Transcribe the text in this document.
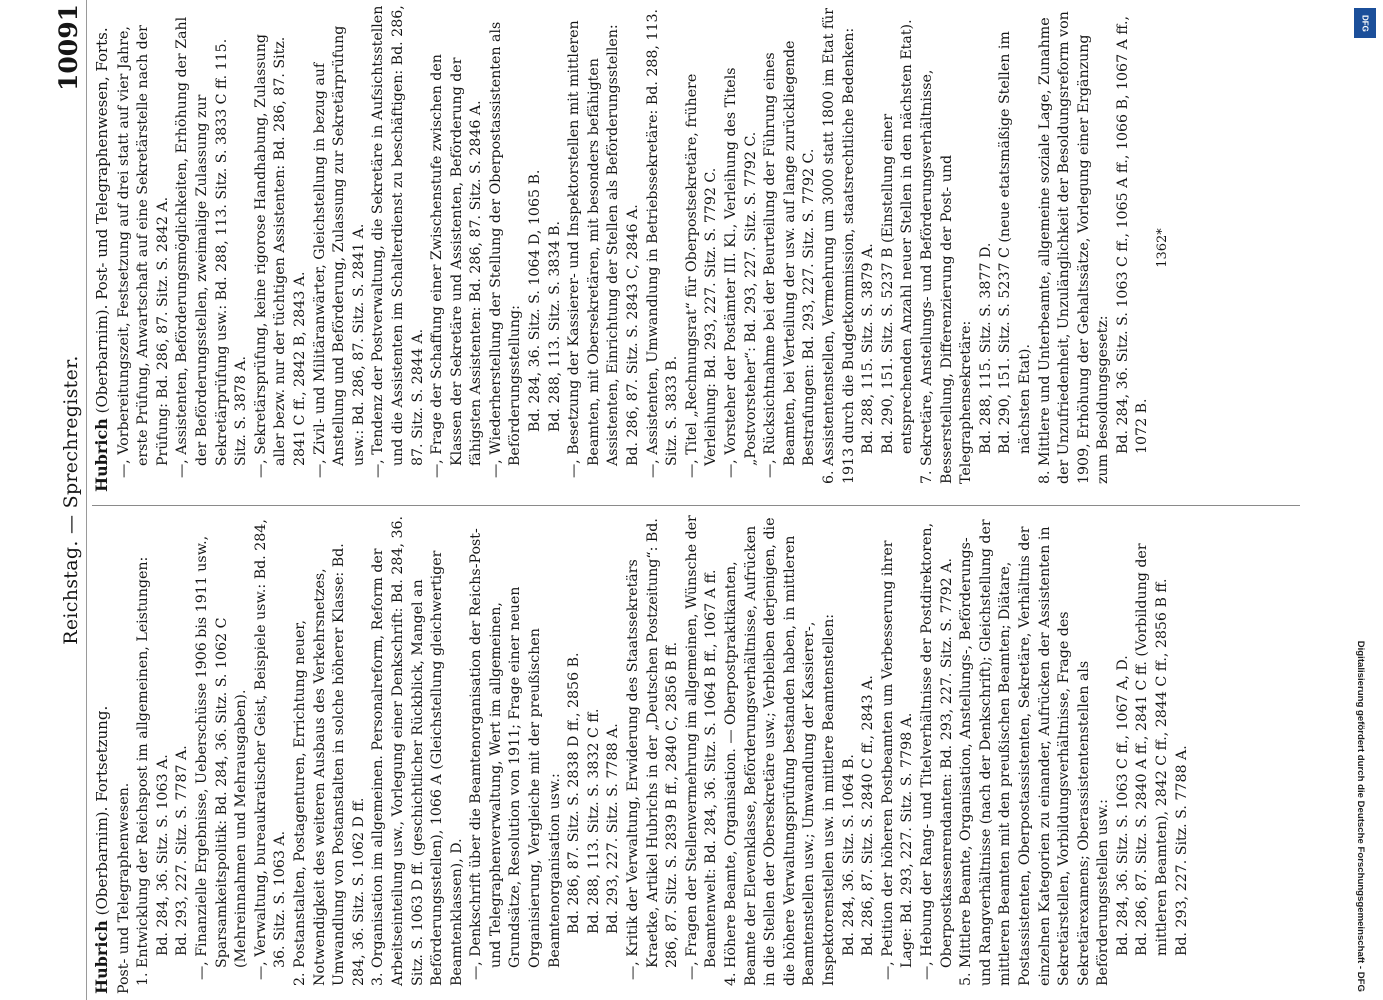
Reichstag. — Sprechregister.
10091
Hubrich (Oberbarnim). Fortsetzung. Post- und Telegraphenwesen. 1. Entwicklung der Reichspost im allgemeinen, Leistungen: Bd. 284, 36. Sitz. S. 1063 A. Bd. 293, 227. Sitz. S. 7787 A. —, Finanzielle Ergebnisse, Ueberschüsse 1906 bis 1911 usw., Sparsamkeitspolitik: Bd. 284, 36. Sitz. S. 1062 C (Mehreinnahmen und Mehrausgaben). —, Verwaltung, bureaukratischer Geist, Beispiele usw.: Bd. 284, 36. Sitz. S. 1063 A. 2. Postanstalten, Postagenturen, Errichtung neuer, Notwendigkeit des weiteren Ausbaus des Verkehrsnetzes, Umwandlung von Postanstalten in solche höherer Klasse: Bd. 284, 36. Sitz. S. 1062 D ff. 3. Organisation im allgemeinen. Personalreform, Reform der Arbeitseinteilung usw., Vorlegung einer Denkschrift: Bd. 284, 36. Sitz. S. 1063 D ff. (geschichtlicher Rückblick, Mangel an Beförderungsstellen), 1066 A (Gleichstellung gleichwertiger Beamtenklassen), D. —, Denkschrift über die Beamtenorganisation der Reichs-Post- und Telegraphenverwaltung, Wert im allgemeinen, Grundsätze, Resolution von 1911; Frage einer neuen Organisierung, Vergleiche mit der preußischen Beamtenorganisation usw.: Bd. 286, 87. Sitz. S. 2838 D ff., 2856 B. Bd. 288, 113. Sitz. S. 3832 C ff. Bd. 293, 227. Sitz. S. 7788 A. —, Kritik der Verwaltung, Erwiderung des Staatssekretärs Kraetke, Artikel Hubrichs in der „Deutschen Postzeitung“: Bd. 286, 87. Sitz. S. 2839 B ff., 2840 C, 2856 B ff. —, Fragen der Stellenvermehrung im allgemeinen, Wünsche der Beamtenwelt: Bd. 284, 36. Sitz. S. 1064 B ff., 1067 A ff. 4. Höhere Beamte, Organisation. — Oberpostpraktikanten, Beamte der Elevenklasse, Beförderungsverhältnisse, Aufrücken in die Stellen der Obersekretäre usw.; Verbleiben derjenigen, die die höhere Verwaltungsprüfung bestanden haben, in mittleren Beamtenstellen usw.; Umwandlung der Kassierer-, Inspektorenstellen usw. in mittlere Beamtenstellen: Bd. 284, 36. Sitz. S. 1064 B. Bd. 286, 87. Sitz. S. 2840 C ff., 2843 A. —, Petition der höheren Postbeamten um Verbesserung ihrer Lage: Bd. 293, 227. Sitz. S. 7798 A. —, Hebung der Rang- und Titelverhältnisse der Postdirektoren, Oberpostkassenrendanten: Bd. 293, 227. Sitz. S. 7792 A. 5. Mittlere Beamte, Organisation, Anstellungs-, Beförderungs- und Rangverhältnisse (nach der Denkschrift); Gleichstellung der mittleren Beamten mit den preußischen Beamten; Diätare, Postassistenten, Oberpostassistenten, Sekretäre, Verhältnis der einzelnen Kategorien zu einander, Aufrücken der Assistenten in Sekretärstellen, Vorbildungsverhältnisse, Frage des Sekretärexamens; Oberassistentenstellen als Beförderungsstellen usw.: Bd. 284, 36. Sitz. S. 1063 C ff., 1067 A, D. Bd. 286, 87. Sitz. S. 2840 A ff., 2841 C ff. (Vorbildung der mittleren Beamten), 2842 C ff., 2844 C ff., 2856 B ff. Bd. 293, 227. Sitz. S. 7788 A.
Hubrich (Oberbarnim). Post- und Telegraphenwesen, Forts. —, Vorbereitungszeit, Festsetzung auf drei statt auf vier Jahre, erste Prüfung, Anwartschaft auf eine Sekretärstelle nach der Prüfung: Bd. 286, 87. Sitz. S. 2842 A. —, Assistenten, Beförderungsmöglichkeiten, Erhöhung der Zahl der Beförderungsstellen, zweimalige Zulassung zur Sekretärprüfung usw.: Bd. 288, 113. Sitz. S. 3833 C ff. 115. Sitz. S. 3878 A. —, Sekretärsprüfung, keine rigorose Handhabung, Zulassung aller bezw. nur der tüchtigen Assistenten: Bd. 286, 87. Sitz. 2841 C ff., 2842 B, 2843 A. —, Zivil- und Militäranwärter, Gleichstellung in bezug auf Anstellung und Beförderung, Zulassung zur Sekretärprüfung usw.: Bd. 286, 87. Sitz. S. 2841 A. —, Tendenz der Postverwaltung, die Sekretäre in Aufsichtsstellen und die Assistenten im Schalterdienst zu beschäftigen: Bd. 286, 87. Sitz. S. 2844 A. —, Frage der Schaffung einer Zwischenstufe zwischen den Klassen der Sekretäre und Assistenten, Beförderung der fähigsten Assistenten: Bd. 286, 87. Sitz. S. 2846 A. —, Wiederherstellung der Stellung der Oberpostassistenten als Beförderungsstellung: Bd. 284, 36. Sitz. S. 1064 D, 1065 B. Bd. 288, 113. Sitz. S. 3834 B. —, Besetzung der Kassierer- und Inspektorstellen mit mittleren Beamten, mit Obersekretären, mit besonders befähigten Assistenten, Einrichtung der Stellen als Beförderungsstellen: Bd. 286, 87. Sitz. S. 2843 C, 2846 A. —, Assistenten, Umwandlung in Betriebssekretäre: Bd. 288, 113. Sitz. S. 3833 B. —, Titel „Rechnungsrat“ für Oberpostsekretäre, frühere Verleihung: Bd. 293, 227. Sitz. S. 7792 C. —, Vorsteher der Postämter III. Kl., Verleihung des Titels „Postvorsteher“: Bd. 293, 227. Sitz. S. 7792 C. —, Rücksichtnahme bei der Beurteilung der Führung eines Beamten, bei Verteilung der usw. auf lange zurückliegende Bestrafungen: Bd. 293, 227. Sitz. S. 7792 C. 6. Assistentenstellen, Vermehrung um 3000 statt 1800 im Etat für 1913 durch die Budgetkommission, staatsrechtliche Bedenken: Bd. 288, 115. Sitz. S. 3879 A. Bd. 290, 151. Sitz. S. 5237 B (Einstellung einer entsprechenden Anzahl neuer Stellen in den nächsten Etat). 7. Sekretäre, Anstellungs- und Beförderungsverhältnisse, Besserstellung, Differenzierung der Post- und Telegraphensekretäre: Bd. 288, 115. Sitz. S. 3877 D. Bd. 290, 151. Sitz. S. 5237 C (neue etatsmäßige Stellen im nächsten Etat). 8. Mittlere und Unterbeamte, allgemeine soziale Lage, Zunahme der Unzufriedenheit, Unzulänglichkeit der Besoldungsreform von 1909, Erhöhung der Gehaltssätze, Vorlegung einer Ergänzung zum Besoldungsgesetz: Bd. 284, 36. Sitz. S. 1063 C ff., 1065 A ff., 1066 B, 1067 A ff., 1072 B.
1362*
Digitalisierung gefördert durch die Deutsche Forschungsgemeinschaft - DFG
DFG
